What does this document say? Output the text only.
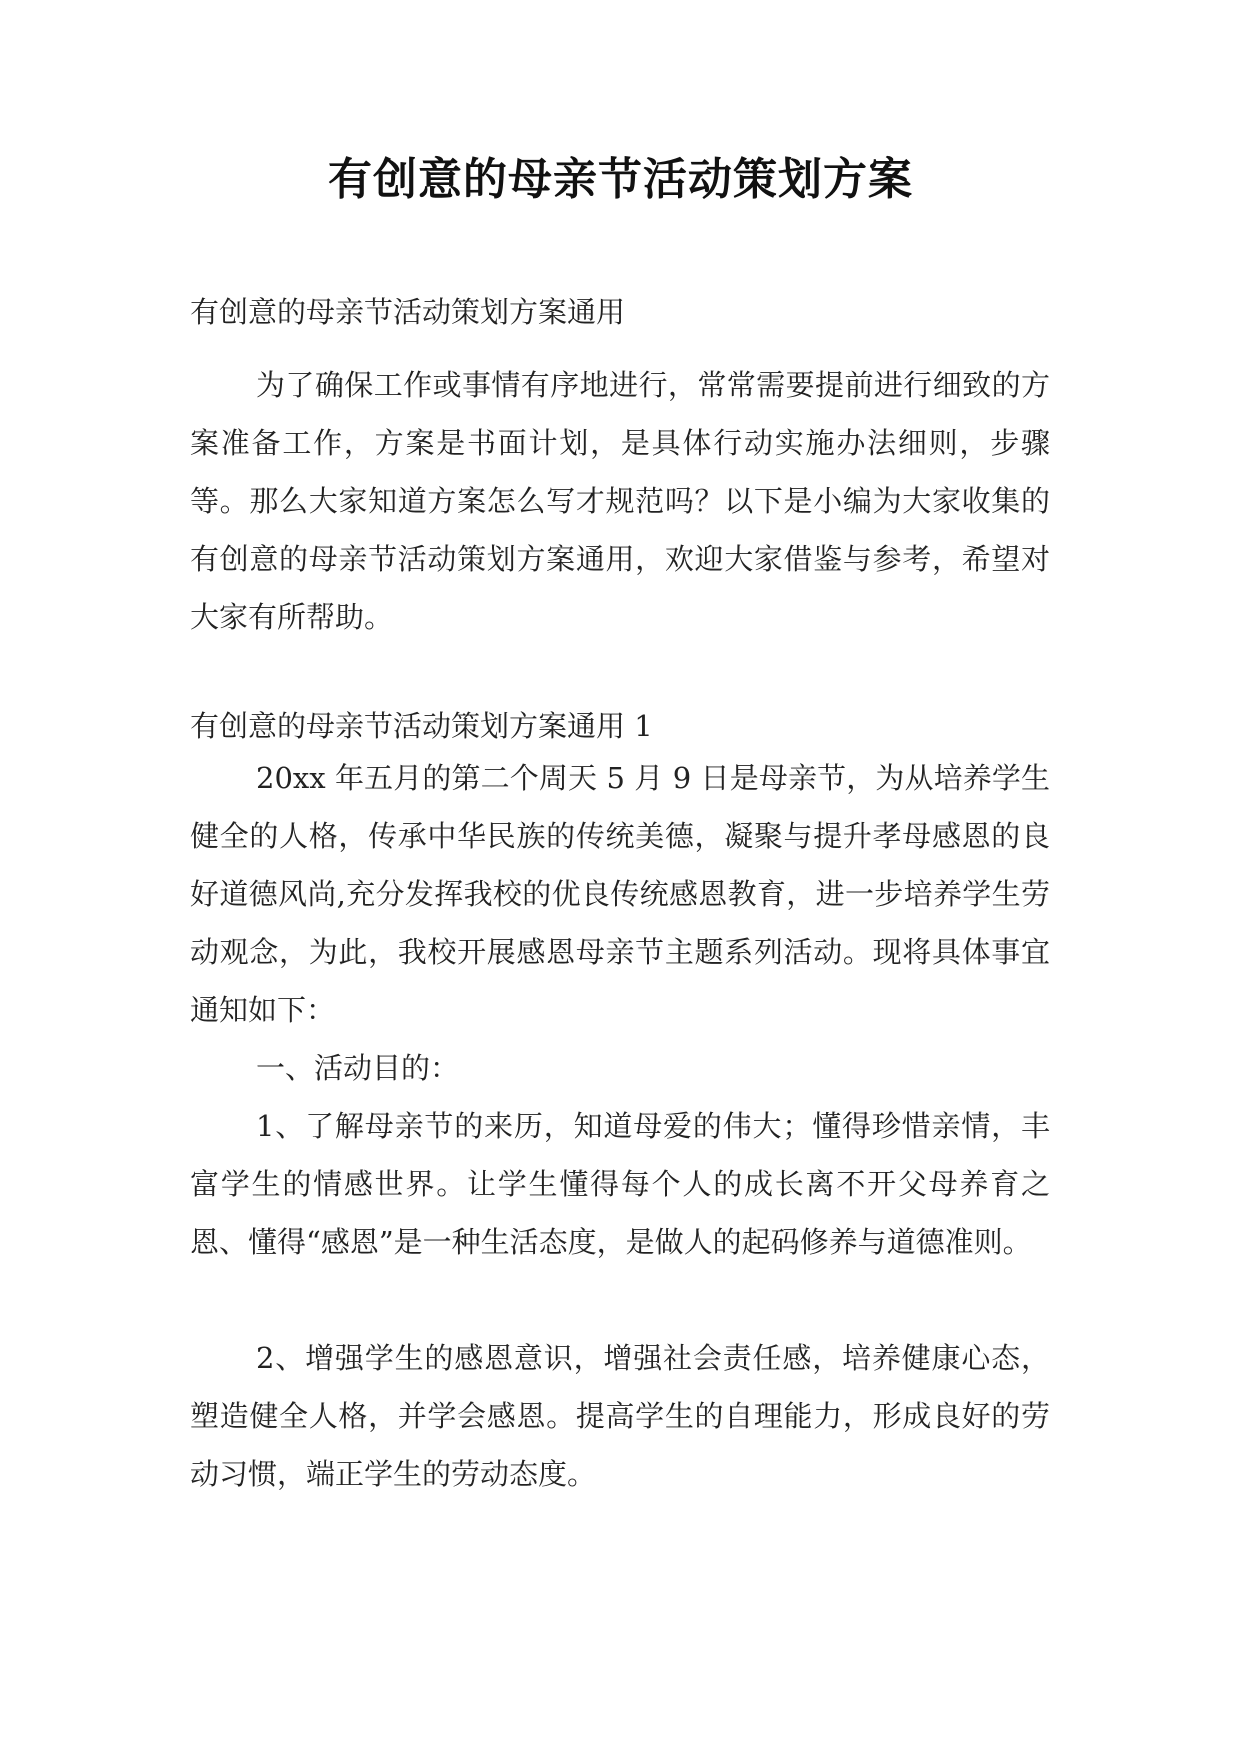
有创意的母亲节活动策划方案
有创意的母亲节活动策划方案通用
为了确保工作或事情有序地进行，常常需要提前进行细致的方案准备工作，方案是书面计划，是具体行动实施办法细则，步骤等。那么大家知道方案怎么写才规范吗？以下是小编为大家收集的有创意的母亲节活动策划方案通用，欢迎大家借鉴与参考，希望对大家有所帮助。
有创意的母亲节活动策划方案通用 1
20xx 年五月的第二个周天 5 月 9 日是母亲节，为从培养学生健全的人格，传承中华民族的传统美德，凝聚与提升孝母感恩的良好道德风尚,充分发挥我校的优良传统感恩教育，进一步培养学生劳动观念，为此，我校开展感恩母亲节主题系列活动。现将具体事宜通知如下：
一、活动目的：
1、了解母亲节的来历，知道母爱的伟大；懂得珍惜亲情，丰富学生的情感世界。让学生懂得每个人的成长离不开父母养育之恩、懂得“感恩”是一种生活态度，是做人的起码修养与道德准则。
2、增强学生的感恩意识，增强社会责任感，培养健康心态，塑造健全人格，并学会感恩。提高学生的自理能力，形成良好的劳动习惯，端正学生的劳动态度。
